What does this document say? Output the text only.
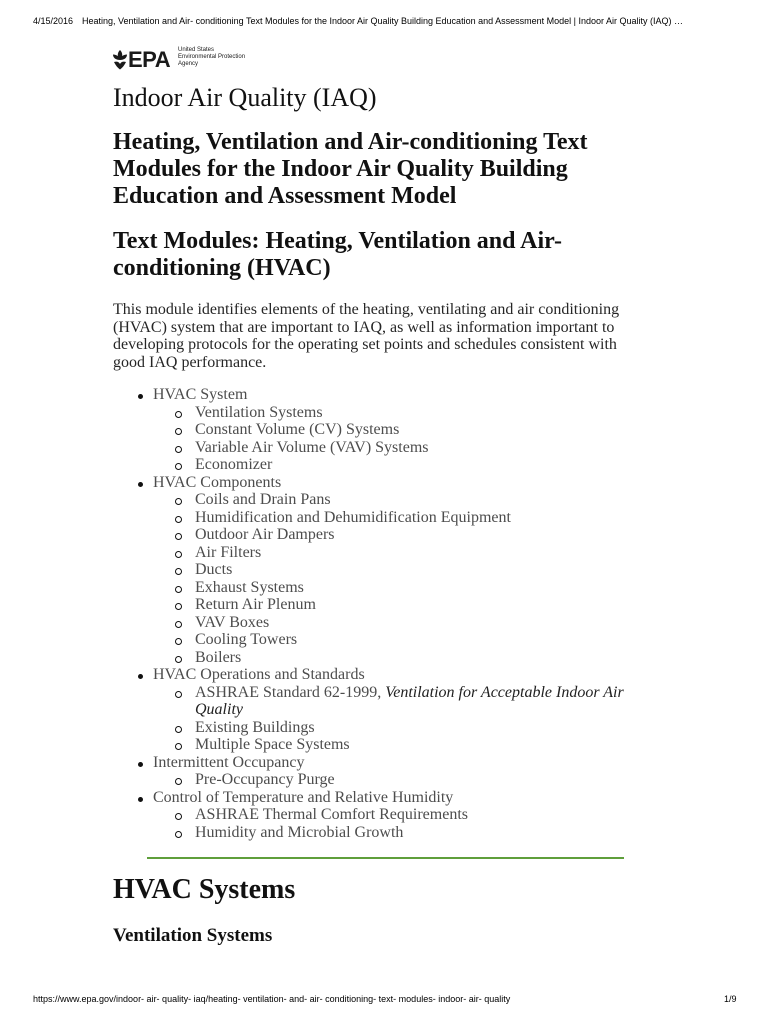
4/15/2016 Heating, Ventilation and Air- conditioning Text Modules for the Indoor Air Quality Building Education and Assessment Model | Indoor Air Quality (IAQ) …
EPA United States
Environmental Protection
Agency
Indoor Air Quality (IAQ)
Heating, Ventilation and Air-conditioning Text Modules for the Indoor Air Quality Building Education and Assessment Model
Text Modules: Heating, Ventilation and Air-conditioning (HVAC)

This module identifies elements of the heating, ventilating and air conditioning (HVAC) system that are important to IAQ, as well as information important to developing protocols for the operating set points and schedules consistent with good IAQ performance.

HVAC System
Ventilation Systems
Constant Volume (CV) Systems
Variable Air Volume (VAV) Systems
Economizer
HVAC Components
Coils and Drain Pans
Humidification and Dehumidification Equipment
Outdoor Air Dampers
Air Filters
Ducts
Exhaust Systems
Return Air Plenum
VAV Boxes
Cooling Towers
Boilers
HVAC Operations and Standards
ASHRAE Standard 62-1999, Ventilation for Acceptable Indoor Air Quality
Existing Buildings
Multiple Space Systems
Intermittent Occupancy
Pre-Occupancy Purge
Control of Temperature and Relative Humidity
ASHRAE Thermal Comfort Requirements
Humidity and Microbial Growth
HVAC Systems
Ventilation Systems
https://www.epa.gov/indoor- air- quality- iaq/heating- ventilation- and- air- conditioning- text- modules- indoor- air- quality	1/9
